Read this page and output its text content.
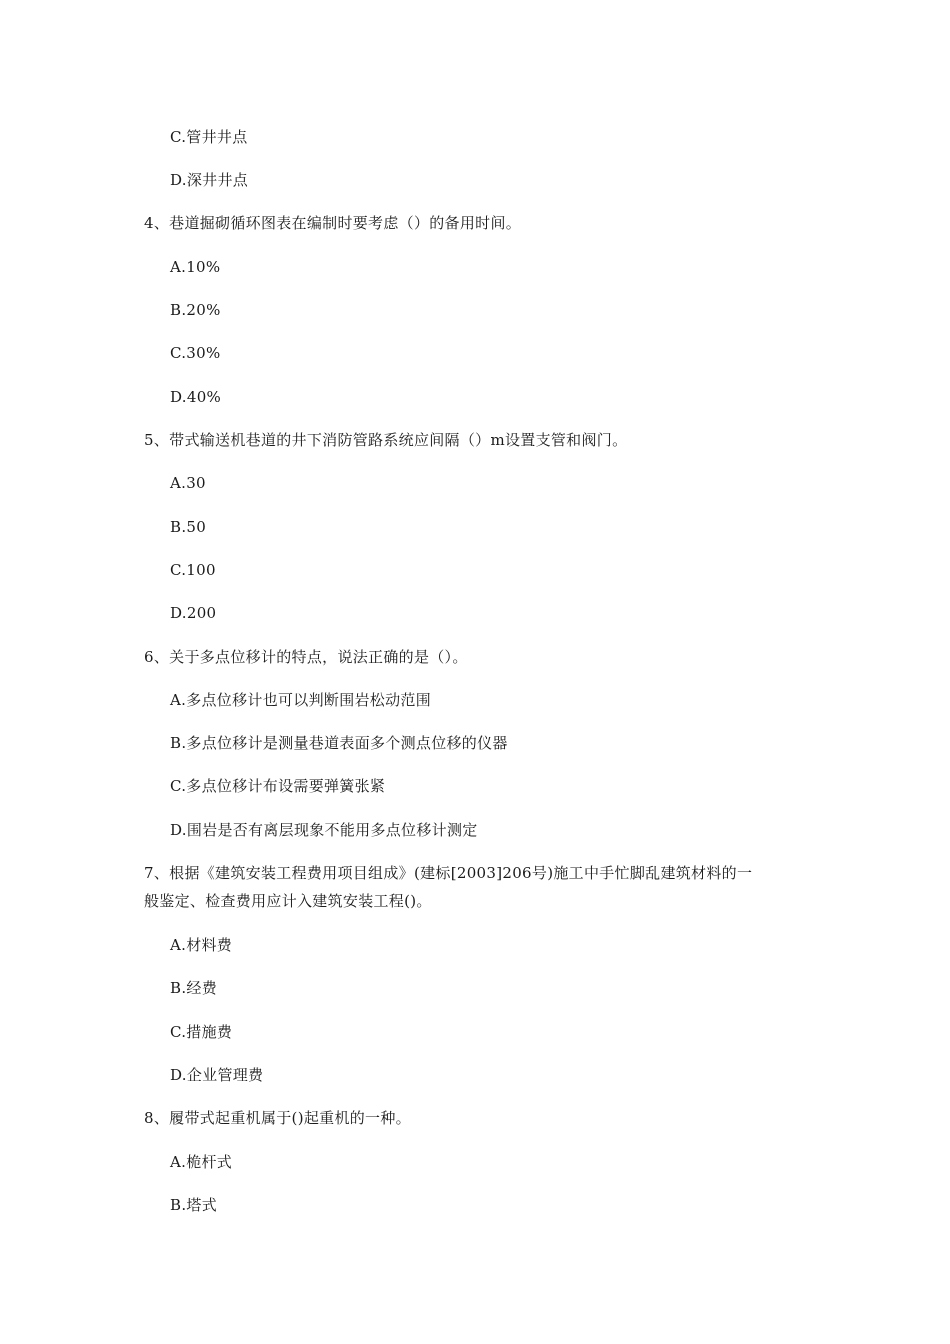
C.管井井点
D.深井井点
4、巷道掘砌循环图表在编制时要考虑（）的备用时间。
A.10%
B.20%
C.30%
D.40%
5、带式输送机巷道的井下消防管路系统应间隔（）m设置支管和阀门。
A.30
B.50
C.100
D.200
6、关于多点位移计的特点，说法正确的是（）。
A.多点位移计也可以判断围岩松动范围
B.多点位移计是测量巷道表面多个测点位移的仪器
C.多点位移计布设需要弹簧张紧
D.围岩是否有离层现象不能用多点位移计测定
7、根据《建筑安装工程费用项目组成》(建标[2003]206号)施工中手忙脚乱建筑材料的一
般鉴定、检查费用应计入建筑安装工程()。
A.材料费
B.经费
C.措施费
D.企业管理费
8、履带式起重机属于()起重机的一种。
A.桅杆式
B.塔式
